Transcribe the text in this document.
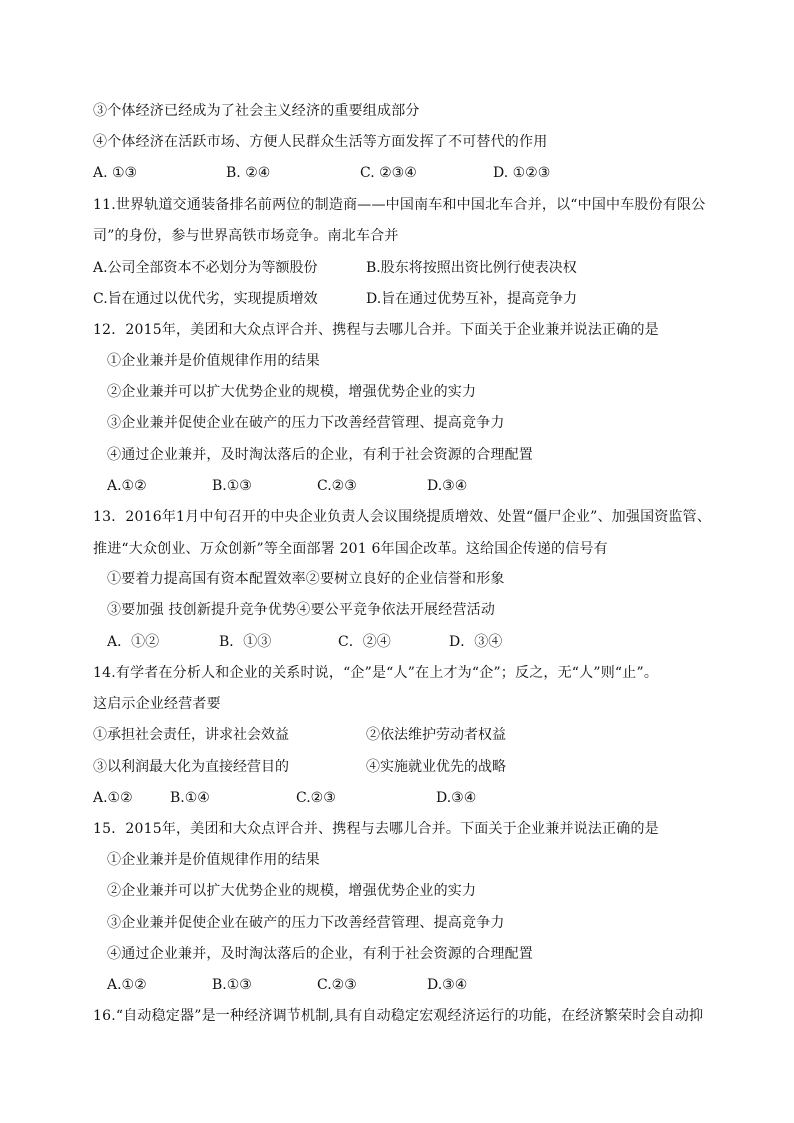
③个体经济已经成为了社会主义经济的重要组成部分
④个体经济在活跃市场、方便人民群众生活等方面发挥了不可替代的作用
A. ①③	B. ②④	C. ②③④	D. ①②③
11.世界轨道交通装备排名前两位的制造商——中国南车和中国北车合并，以“中国中车股份有限公
司”的身份，参与世界高铁市场竞争。南北车合并
A.公司全部资本不必划分为等额股份	B.股东将按照出资比例行使表决权
C.旨在通过以优代劣，实现提质增效	D.旨在通过优势互补，提高竞争力
12．2015年，美团和大众点评合并、携程与去哪儿合并。下面关于企业兼并说法正确的是
①企业兼并是价值规律作用的结果
②企业兼并可以扩大优势企业的规模，增强优势企业的实力
③企业兼并促使企业在破产的压力下改善经营管理、提高竞争力
④通过企业兼并，及时淘汰落后的企业，有利于社会资源的合理配置
A.①②	B.①③	C.②③	D.③④
13．2016年1月中旬召开的中央企业负责人会议围绕提质增效、处置“僵尸企业”、加强国资监管、
推进“大众创业、万众创新”等全面部署 201 6年国企改革。这给国企传递的信号有
①要着力提高国有资本配置效率②要树立良好的企业信誉和形象
③要加强 技创新提升竞争优势④要公平竞争依法开展经营活动
A．①②	B．①③	C．②④	D．③④
14.有学者在分析人和企业的关系时说，“企”是“人”在上才为“企”；反之，无“人”则“止”。
这启示企业经营者要
①承担社会责任，讲求社会效益	②依法维护劳动者权益
③以利润最大化为直接经营目的	④实施就业优先的战略
A.①②	B.①④	C.②③	D.③④
15．2015年，美团和大众点评合并、携程与去哪儿合并。下面关于企业兼并说法正确的是
①企业兼并是价值规律作用的结果
②企业兼并可以扩大优势企业的规模，增强优势企业的实力
③企业兼并促使企业在破产的压力下改善经营管理、提高竞争力
④通过企业兼并，及时淘汰落后的企业，有利于社会资源的合理配置
A.①②	B.①③	C.②③	D.③④
16.“自动稳定器”是一种经济调节机制,具有自动稳定宏观经济运行的功能，在经济繁荣时会自动抑
